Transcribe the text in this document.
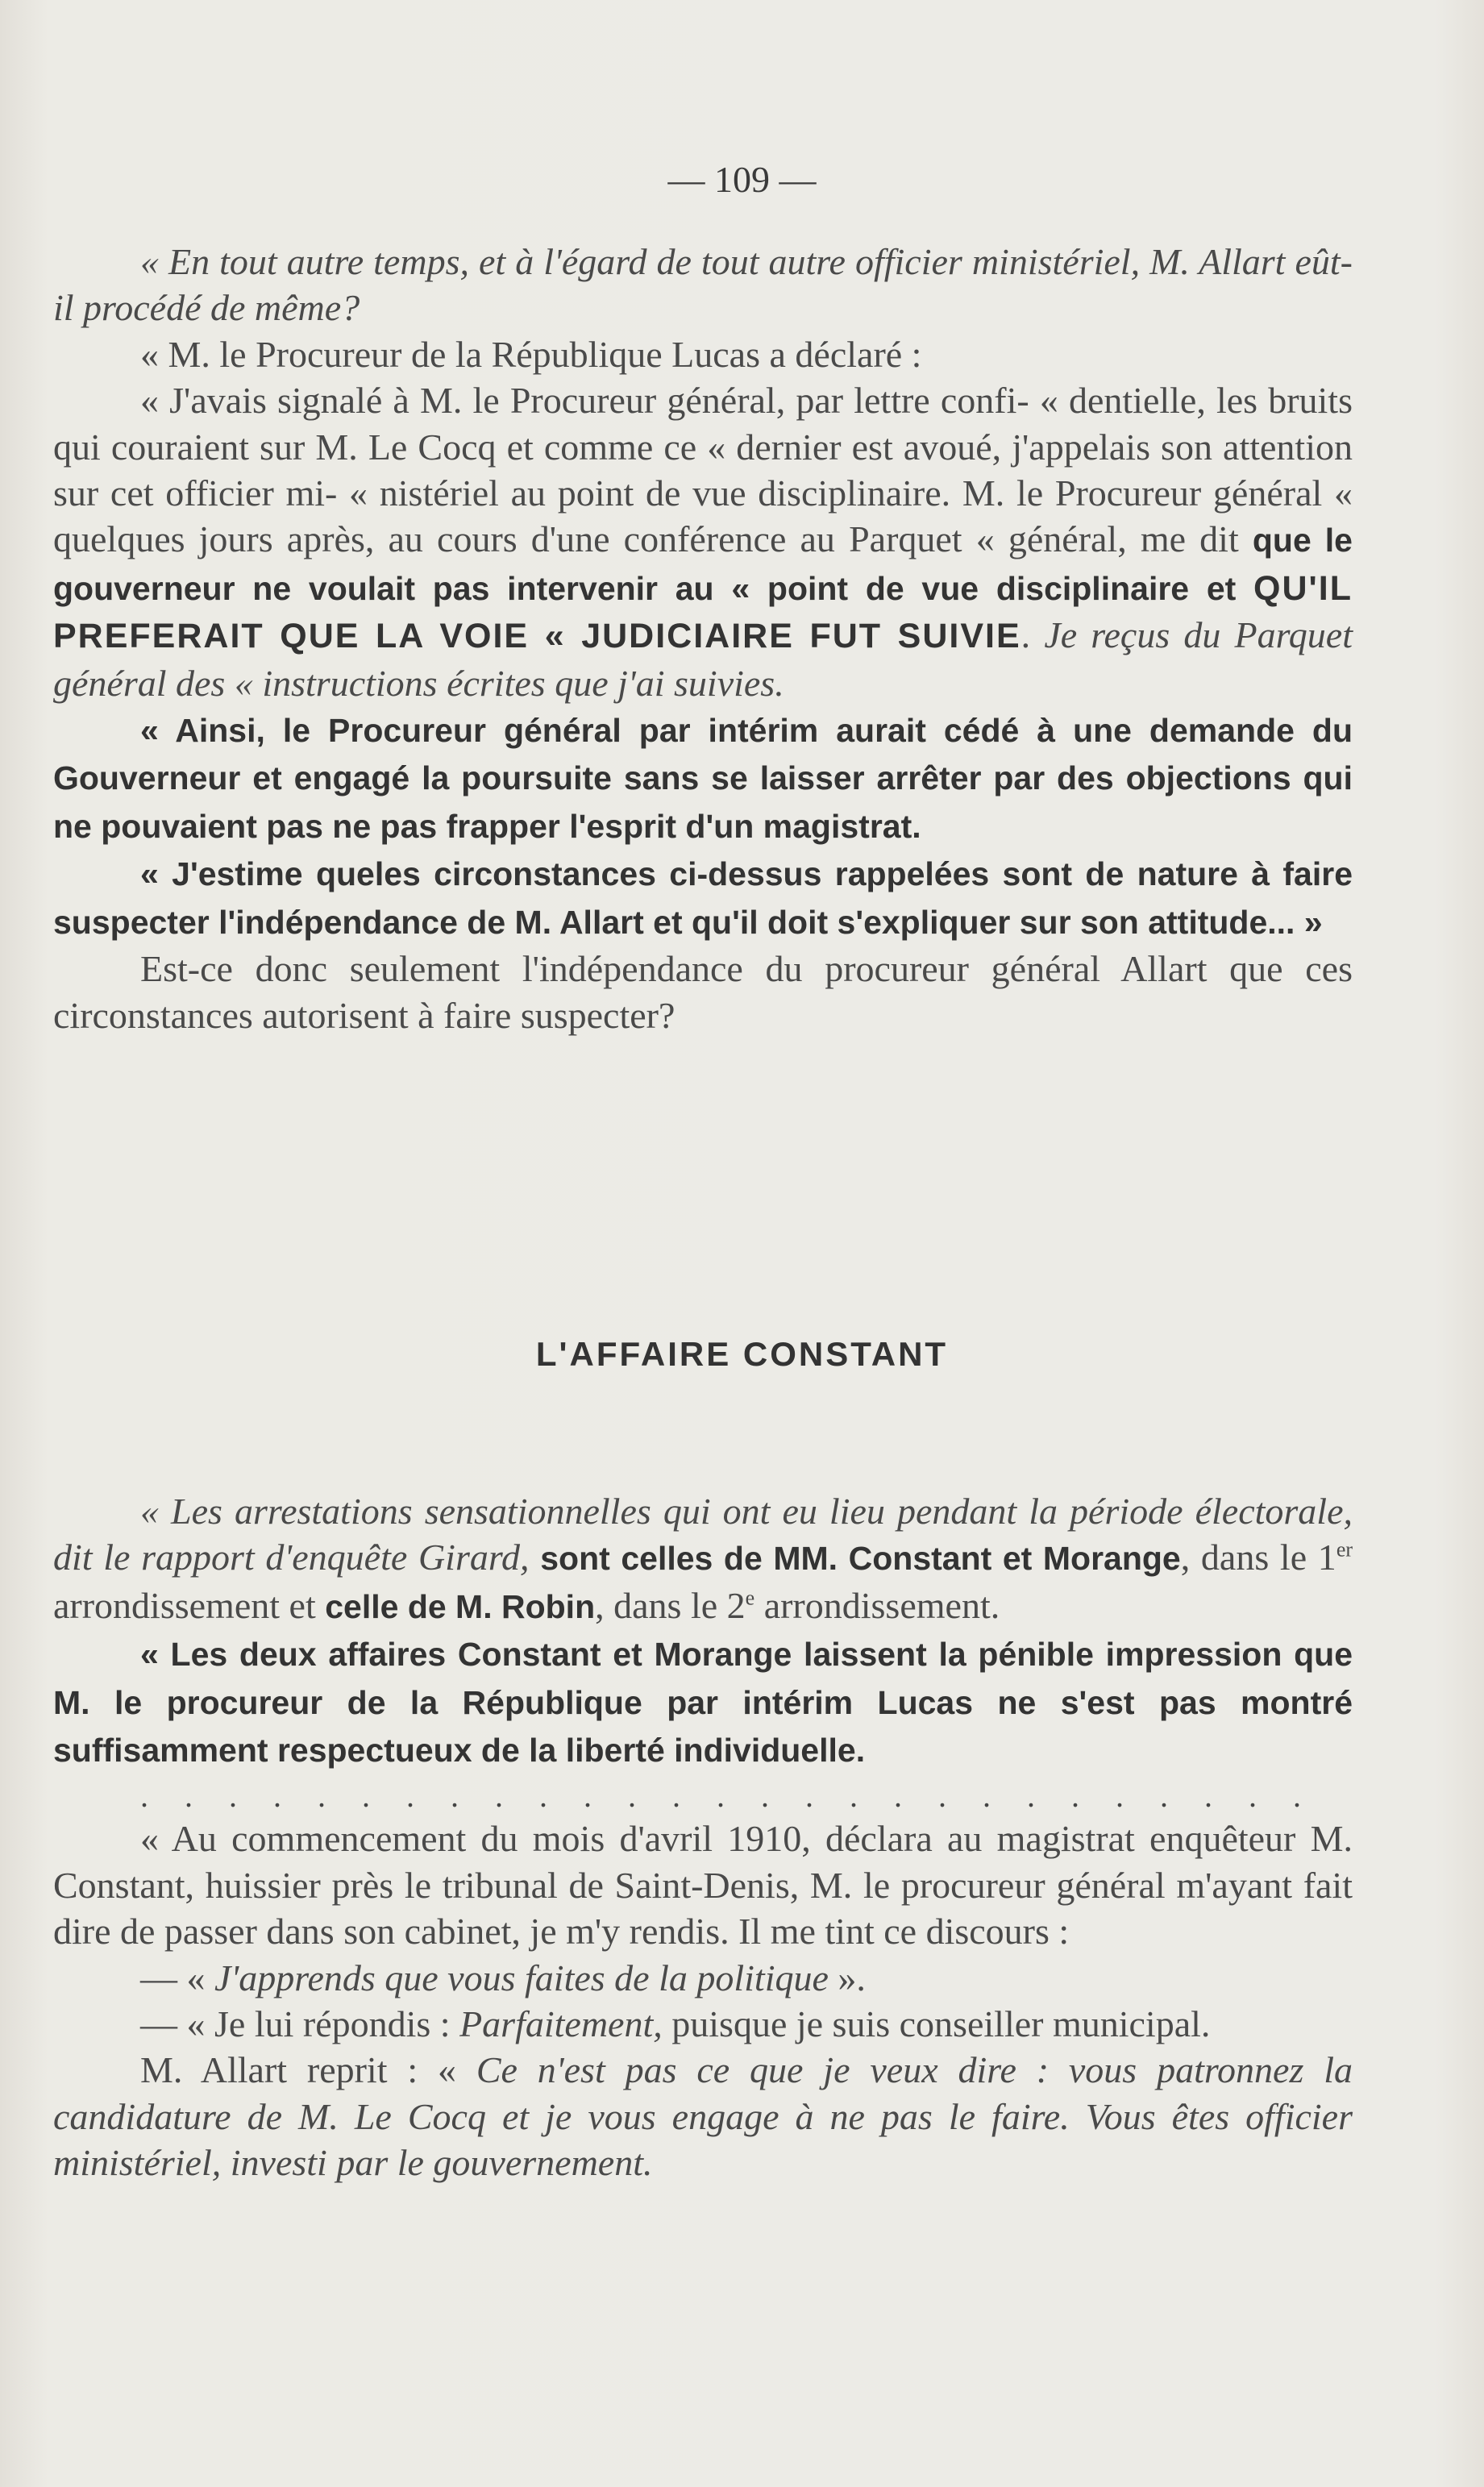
— 109 —

« En tout autre temps, et à l'égard de tout autre officier ministériel, M. Allart eût-il procédé de même?

« M. le Procureur de la République Lucas a déclaré :

« J'avais signalé à M. le Procureur général, par lettre confi- « dentielle, les bruits qui couraient sur M. Le Cocq et comme ce « dernier est avoué, j'appelais son attention sur cet officier mi- « nistériel au point de vue disciplinaire. M. le Procureur général « quelques jours après, au cours d'une conférence au Parquet « général, me dit que le gouverneur ne voulait pas intervenir au « point de vue disciplinaire et QU'IL PREFERAIT QUE LA VOIE « JUDICIAIRE FUT SUIVIE. Je reçus du Parquet général des « instructions écrites que j'ai suivies.

« Ainsi, le Procureur général par intérim aurait cédé à une demande du Gouverneur et engagé la poursuite sans se laisser arrêter par des objections qui ne pouvaient pas ne pas frapper l'esprit d'un magistrat.

« J'estime queles circonstances ci-dessus rappelées sont de nature à faire suspecter l'indépendance de M. Allart et qu'il doit s'expliquer sur son attitude... »

Est-ce donc seulement l'indépendance du procureur général Allart que ces circonstances autorisent à faire suspecter?

L'AFFAIRE CONSTANT

« Les arrestations sensationnelles qui ont eu lieu pendant la période électorale, dit le rapport d'enquête Girard, sont celles de MM. Constant et Morange, dans le 1er arrondissement et celle de M. Robin, dans le 2e arrondissement.

« Les deux affaires Constant et Morange laissent la pénible impression que M. le procureur de la République par intérim Lucas ne s'est pas montré suffisamment respectueux de la liberté individuelle.

. . . . . . . . . . . . . . . . . . . . . . . . . . .

« Au commencement du mois d'avril 1910, déclara au magistrat enquêteur M. Constant, huissier près le tribunal de Saint-Denis, M. le procureur général m'ayant fait dire de passer dans son cabinet, je m'y rendis. Il me tint ce discours :

— « J'apprends que vous faites de la politique ».

— « Je lui répondis : Parfaitement, puisque je suis conseiller municipal.

M. Allart reprit : « Ce n'est pas ce que je veux dire : vous patronnez la candidature de M. Le Cocq et je vous engage à ne pas le faire. Vous êtes officier ministériel, investi par le gouvernement.
